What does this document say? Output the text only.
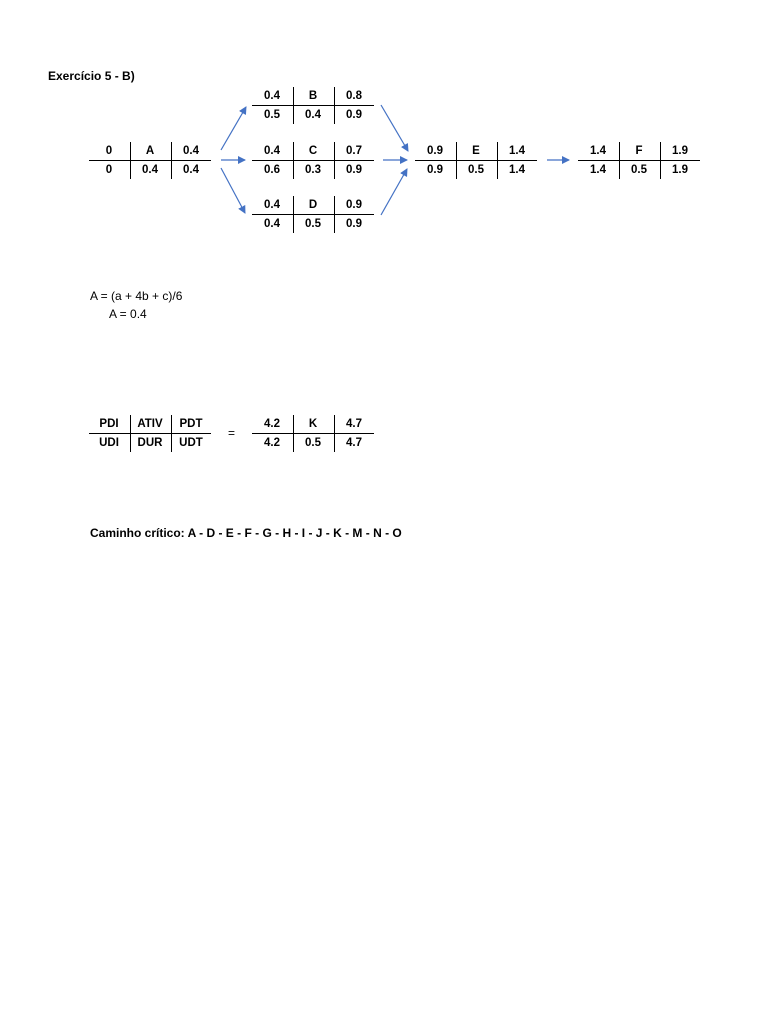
Exercício 5 - B)
0	A	0.4
0	0.4	0.4
0.4	B	0.8
0.5	0.4	0.9
0.4	C	0.7
0.6	0.3	0.9
0.4	D	0.9
0.4	0.5	0.9
0.9	E	1.4
0.9	0.5	1.4
1.4	F	1.9
1.4	0.5	1.9
A = (a + 4b + c)/6
A = 0.4
PDI	ATIV	PDT
UDI	DUR	UDT
=
4.2	K	4.7
4.2	0.5	4.7
Caminho crítico: A - D - E - F - G - H - I - J - K - M - N - O
